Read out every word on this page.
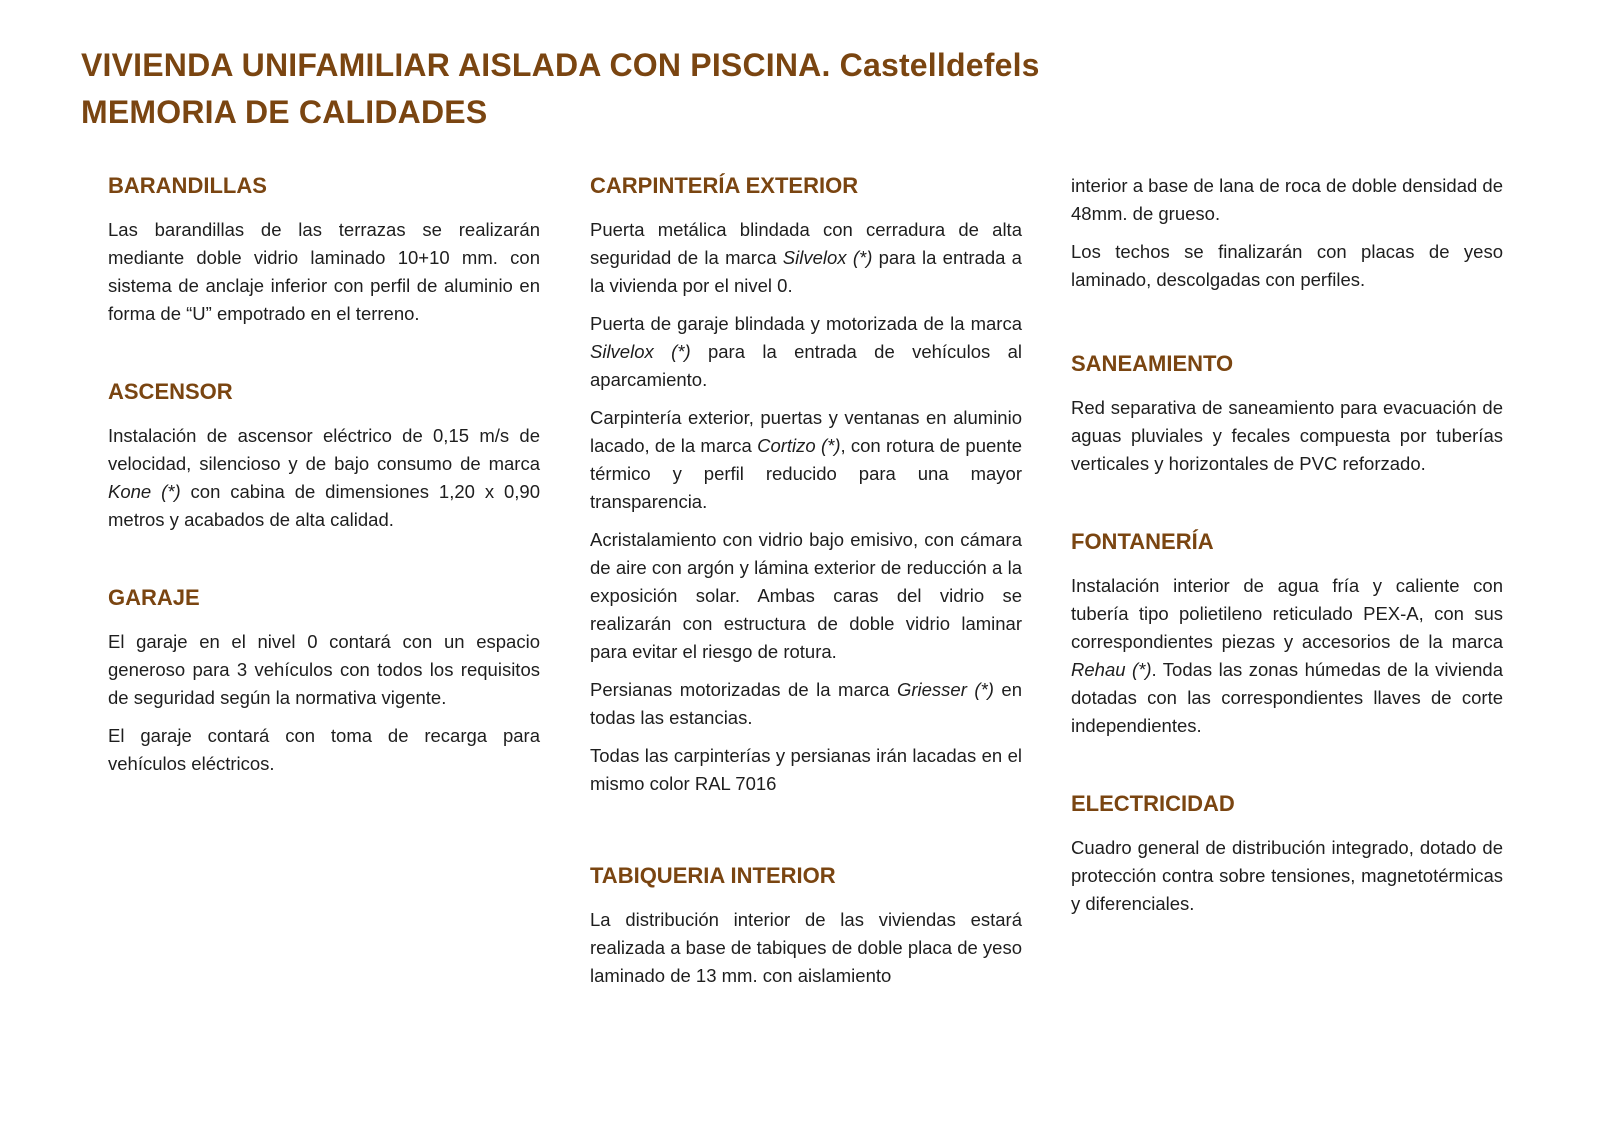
VIVIENDA UNIFAMILIAR AISLADA CON PISCINA. Castelldefels
MEMORIA DE CALIDADES
BARANDILLAS

Las barandillas de las terrazas se realizarán mediante doble vidrio laminado 10+10 mm. con sistema de anclaje inferior con perfil de aluminio en forma de “U” empotrado en el terreno.

ASCENSOR

Instalación de ascensor eléctrico de 0,15 m/s de velocidad, silencioso y de bajo consumo de marca Kone (*) con cabina de dimensiones 1,20 x 0,90 metros y acabados de alta calidad.

GARAJE

El garaje en el nivel 0 contará con un espacio generoso para 3 vehículos con todos los requisitos de seguridad según la normativa vigente.

El garaje contará con toma de recarga para vehículos eléctricos.

CARPINTERÍA EXTERIOR

Puerta metálica blindada con cerradura de alta seguridad de la marca Silvelox (*) para la entrada a la vivienda por el nivel 0.

Puerta de garaje blindada y motorizada de la marca Silvelox (*) para la entrada de vehículos al aparcamiento.

Carpintería exterior, puertas y ventanas en aluminio lacado, de la marca Cortizo (*), con rotura de puente térmico y perfil reducido para una mayor transparencia.

Acristalamiento con vidrio bajo emisivo, con cámara de aire con argón y lámina exterior de reducción a la exposición solar. Ambas caras del vidrio se realizarán con estructura de doble vidrio laminar para evitar el riesgo de rotura.

Persianas motorizadas de la marca Griesser (*) en todas las estancias.

Todas las carpinterías y persianas irán lacadas en el mismo color RAL 7016

TABIQUERIA INTERIOR

La distribución interior de las viviendas estará realizada a base de tabiques de doble placa de yeso laminado de 13 mm. con aislamiento

interior a base de lana de roca de doble densidad de 48mm. de grueso.

Los techos se finalizarán con placas de yeso laminado, descolgadas con perfiles.

SANEAMIENTO

Red separativa de saneamiento para evacuación de aguas pluviales y fecales compuesta por tuberías verticales y horizontales de PVC reforzado.

FONTANERÍA

Instalación interior de agua fría y caliente con tubería tipo polietileno reticulado PEX-A, con sus correspondientes piezas y accesorios de la marca Rehau (*). Todas las zonas húmedas de la vivienda dotadas con las correspondientes llaves de corte independientes.

ELECTRICIDAD

Cuadro general de distribución integrado, dotado de protección contra sobre tensiones, magnetotérmicas y diferenciales.
